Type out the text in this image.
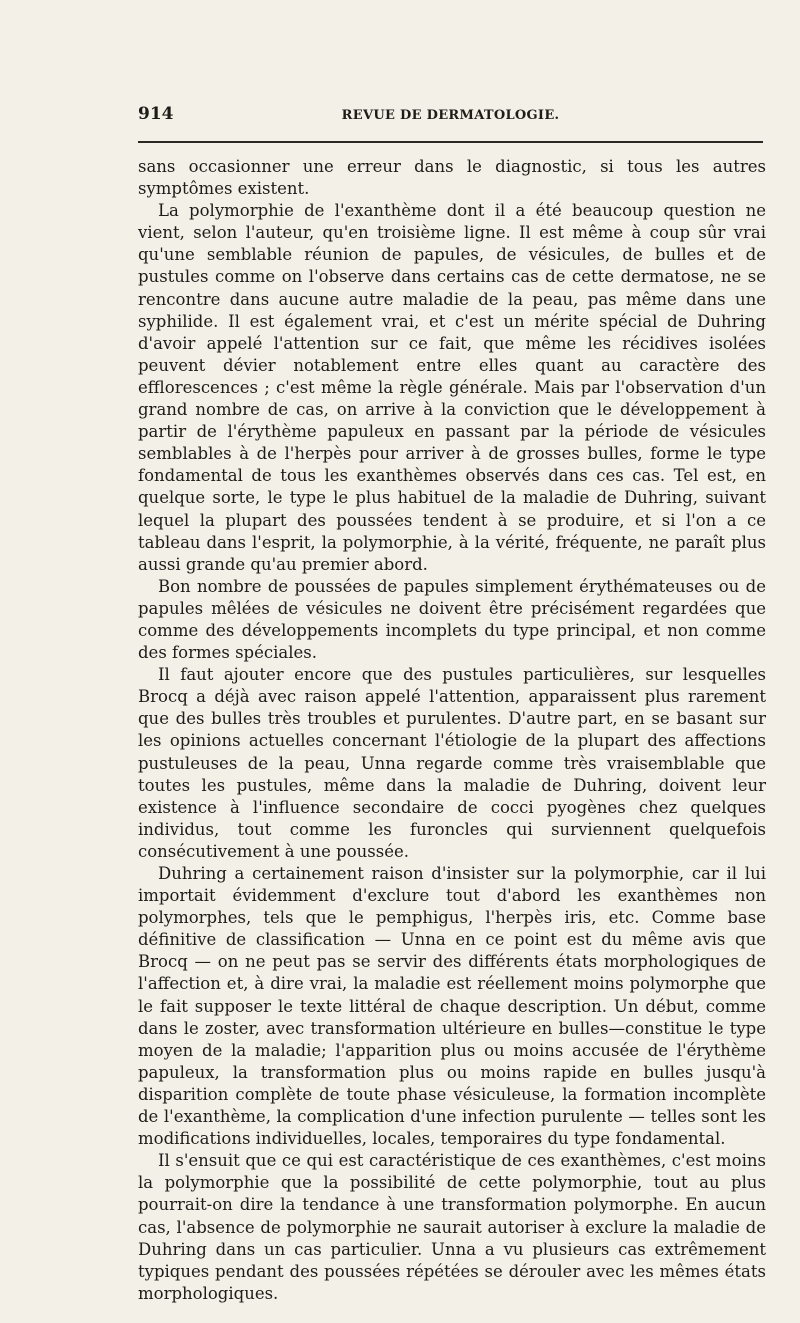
914	REVUE DE DERMATOLOGIE.

sans occasionner une erreur dans le diagnostic, si tous les autres symptômes existent.

La polymorphie de l'exanthème dont il a été beaucoup question ne vient, selon l'auteur, qu'en troisième ligne. Il est même à coup sûr vrai qu'une semblable réunion de papules, de vésicules, de bulles et de pustules comme on l'observe dans certains cas de cette dermatose, ne se rencontre dans aucune autre maladie de la peau, pas même dans une syphilide. Il est également vrai, et c'est un mérite spécial de Duhring d'avoir appelé l'attention sur ce fait, que même les récidives isolées peuvent dévier notablement entre elles quant au caractère des efflorescences ; c'est même la règle générale. Mais par l'observation d'un grand nombre de cas, on arrive à la conviction que le développement à partir de l'érythème papuleux en passant par la période de vésicules semblables à de l'herpès pour arriver à de grosses bulles, forme le type fondamental de tous les exanthèmes observés dans ces cas. Tel est, en quelque sorte, le type le plus habituel de la maladie de Duhring, suivant lequel la plupart des poussées tendent à se produire, et si l'on a ce tableau dans l'esprit, la polymorphie, à la vérité, fréquente, ne paraît plus aussi grande qu'au premier abord.

Bon nombre de poussées de papules simplement érythémateuses ou de papules mêlées de vésicules ne doivent être précisément regardées que comme des développements incomplets du type principal, et non comme des formes spéciales.

Il faut ajouter encore que des pustules particulières, sur lesquelles Brocq a déjà avec raison appelé l'attention, apparaissent plus rarement que des bulles très troubles et purulentes. D'autre part, en se basant sur les opinions actuelles concernant l'étiologie de la plupart des affections pustuleuses de la peau, Unna regarde comme très vraisemblable que toutes les pustules, même dans la maladie de Duhring, doivent leur existence à l'influence secondaire de cocci pyogènes chez quelques individus, tout comme les furoncles qui surviennent quelquefois consécutivement à une poussée.

Duhring a certainement raison d'insister sur la polymorphie, car il lui importait évidemment d'exclure tout d'abord les exanthèmes non polymorphes, tels que le pemphigus, l'herpès iris, etc. Comme base définitive de classification — Unna en ce point est du même avis que Brocq — on ne peut pas se servir des différents états morphologiques de l'affection et, à dire vrai, la maladie est réellement moins polymorphe que le fait supposer le texte littéral de chaque description. Un début, comme dans le zoster, avec transformation ultérieure en bulles—constitue le type moyen de la maladie; l'apparition plus ou moins accusée de l'érythème papuleux, la transformation plus ou moins rapide en bulles jusqu'à disparition complète de toute phase vésiculeuse, la formation incomplète de l'exanthème, la complication d'une infection purulente — telles sont les modifications individuelles, locales, temporaires du type fondamental.

Il s'ensuit que ce qui est caractéristique de ces exanthèmes, c'est moins la polymorphie que la possibilité de cette polymorphie, tout au plus pourrait-on dire la tendance à une transformation polymorphe. En aucun cas, l'absence de polymorphie ne saurait autoriser à exclure la maladie de Duhring dans un cas particulier. Unna a vu plusieurs cas extrêmement typiques pendant des poussées répétées se dérouler avec les mêmes états morphologiques.
